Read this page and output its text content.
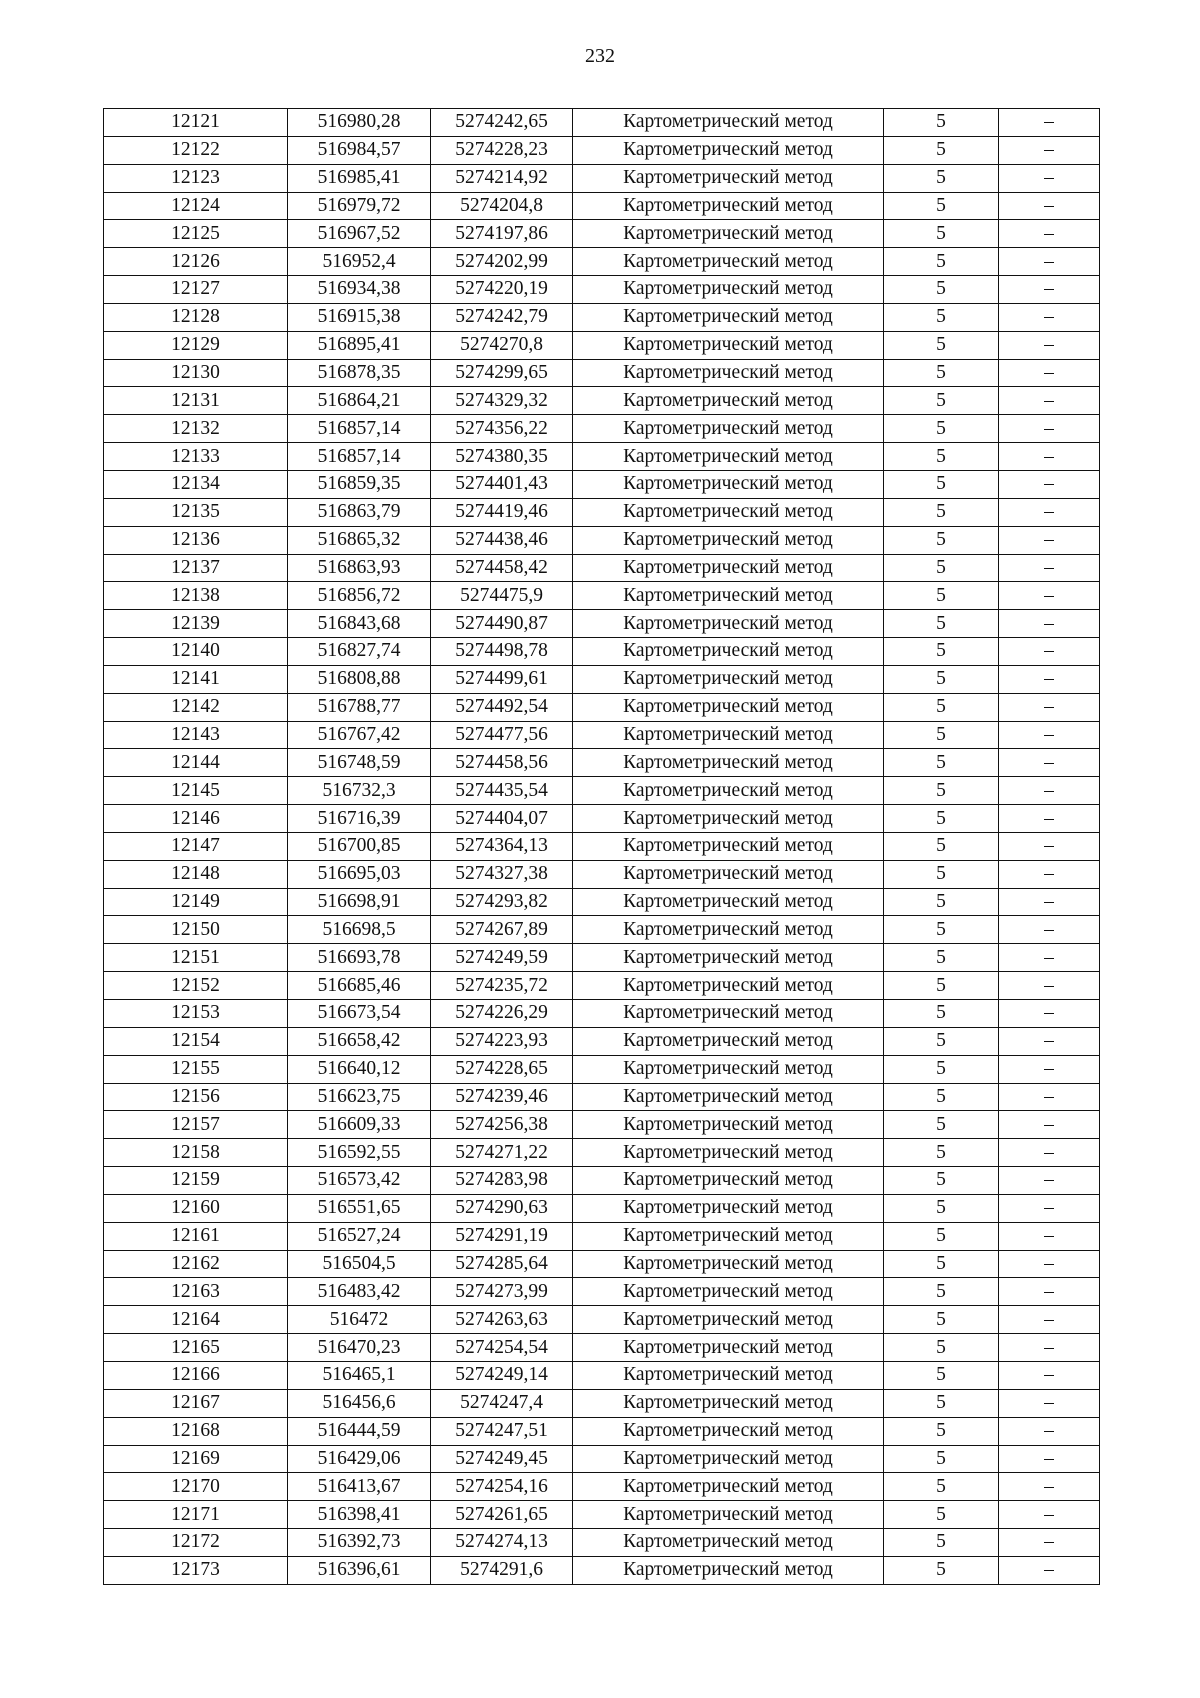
232
12121	516980,28	5274242,65	Картометрический метод	5	–
12122	516984,57	5274228,23	Картометрический метод	5	–
12123	516985,41	5274214,92	Картометрический метод	5	–
12124	516979,72	5274204,8	Картометрический метод	5	–
12125	516967,52	5274197,86	Картометрический метод	5	–
12126	516952,4	5274202,99	Картометрический метод	5	–
12127	516934,38	5274220,19	Картометрический метод	5	–
12128	516915,38	5274242,79	Картометрический метод	5	–
12129	516895,41	5274270,8	Картометрический метод	5	–
12130	516878,35	5274299,65	Картометрический метод	5	–
12131	516864,21	5274329,32	Картометрический метод	5	–
12132	516857,14	5274356,22	Картометрический метод	5	–
12133	516857,14	5274380,35	Картометрический метод	5	–
12134	516859,35	5274401,43	Картометрический метод	5	–
12135	516863,79	5274419,46	Картометрический метод	5	–
12136	516865,32	5274438,46	Картометрический метод	5	–
12137	516863,93	5274458,42	Картометрический метод	5	–
12138	516856,72	5274475,9	Картометрический метод	5	–
12139	516843,68	5274490,87	Картометрический метод	5	–
12140	516827,74	5274498,78	Картометрический метод	5	–
12141	516808,88	5274499,61	Картометрический метод	5	–
12142	516788,77	5274492,54	Картометрический метод	5	–
12143	516767,42	5274477,56	Картометрический метод	5	–
12144	516748,59	5274458,56	Картометрический метод	5	–
12145	516732,3	5274435,54	Картометрический метод	5	–
12146	516716,39	5274404,07	Картометрический метод	5	–
12147	516700,85	5274364,13	Картометрический метод	5	–
12148	516695,03	5274327,38	Картометрический метод	5	–
12149	516698,91	5274293,82	Картометрический метод	5	–
12150	516698,5	5274267,89	Картометрический метод	5	–
12151	516693,78	5274249,59	Картометрический метод	5	–
12152	516685,46	5274235,72	Картометрический метод	5	–
12153	516673,54	5274226,29	Картометрический метод	5	–
12154	516658,42	5274223,93	Картометрический метод	5	–
12155	516640,12	5274228,65	Картометрический метод	5	–
12156	516623,75	5274239,46	Картометрический метод	5	–
12157	516609,33	5274256,38	Картометрический метод	5	–
12158	516592,55	5274271,22	Картометрический метод	5	–
12159	516573,42	5274283,98	Картометрический метод	5	–
12160	516551,65	5274290,63	Картометрический метод	5	–
12161	516527,24	5274291,19	Картометрический метод	5	–
12162	516504,5	5274285,64	Картометрический метод	5	–
12163	516483,42	5274273,99	Картометрический метод	5	–
12164	516472	5274263,63	Картометрический метод	5	–
12165	516470,23	5274254,54	Картометрический метод	5	–
12166	516465,1	5274249,14	Картометрический метод	5	–
12167	516456,6	5274247,4	Картометрический метод	5	–
12168	516444,59	5274247,51	Картометрический метод	5	–
12169	516429,06	5274249,45	Картометрический метод	5	–
12170	516413,67	5274254,16	Картометрический метод	5	–
12171	516398,41	5274261,65	Картометрический метод	5	–
12172	516392,73	5274274,13	Картометрический метод	5	–
12173	516396,61	5274291,6	Картометрический метод	5	–
